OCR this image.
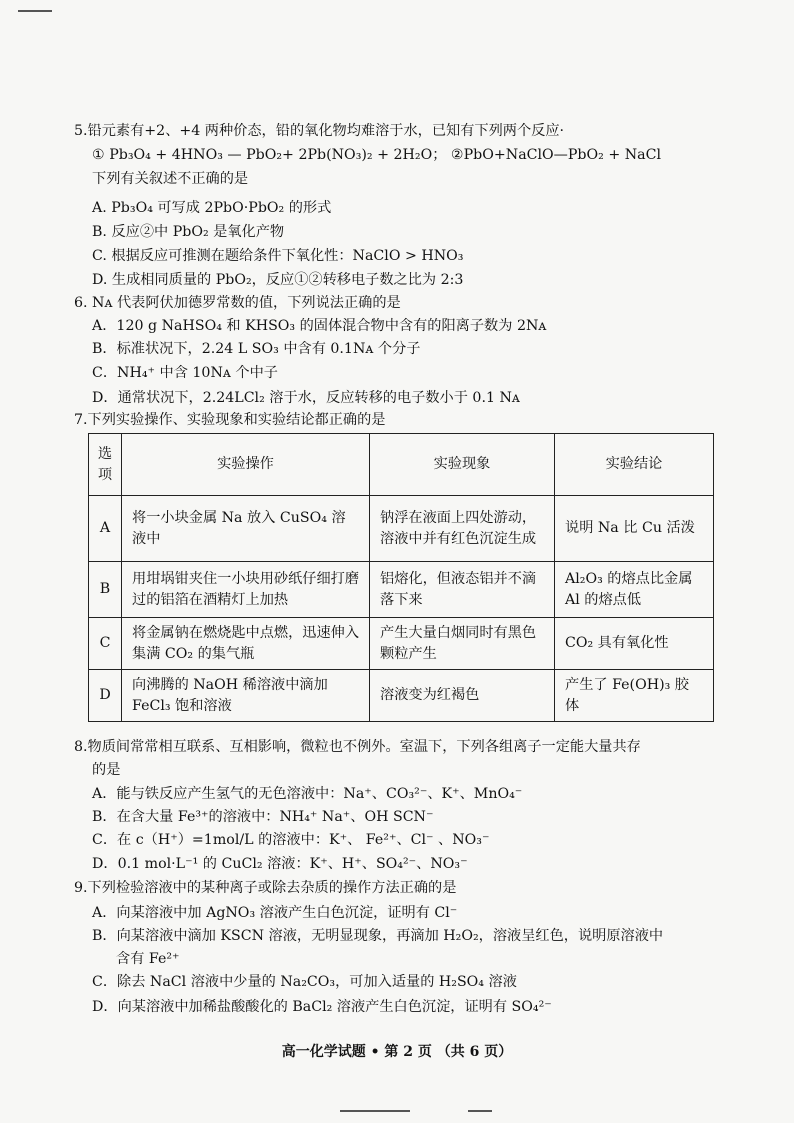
5.铅元素有+2、+4 两种价态，铅的氧化物均难溶于水，已知有下列两个反应·
① Pb₃O₄ + 4HNO₃ — PbO₂+ 2Pb(NO₃)₂ + 2H₂O； ②PbO+NaClO—PbO₂ + NaCl
下列有关叙述不正确的是
A. Pb₃O₄ 可写成 2PbO·PbO₂ 的形式
B. 反应②中 PbO₂ 是氧化产物
C. 根据反应可推测在题给条件下氧化性：NaClO > HNO₃
D. 生成相同质量的 PbO₂，反应①②转移电子数之比为 2:3
6. Nᴀ 代表阿伏加德罗常数的值，下列说法正确的是
A．120 g NaHSO₄ 和 KHSO₃ 的固体混合物中含有的阳离子数为 2Nᴀ
B．标准状况下，2.24 L SO₃ 中含有 0.1Nᴀ 个分子
C．NH₄⁺ 中含 10Nᴀ 个中子
D．通常状况下，2.24LCl₂ 溶于水，反应转移的电子数小于 0.1 Nᴀ
7.下列实验操作、实验现象和实验结论都正确的是
选项	实验操作	实验现象	实验结论
A	将一小块金属 Na 放入 CuSO₄ 溶液中	钠浮在液面上四处游动，溶液中并有红色沉淀生成	说明 Na 比 Cu 活泼
B	用坩埚钳夹住一小块用砂纸仔细打磨过的铝箔在酒精灯上加热	铝熔化，但液态铝并不滴落下来	Al₂O₃ 的熔点比金属 Al 的熔点低
C	将金属钠在燃烧匙中点燃，迅速伸入集满 CO₂ 的集气瓶	产生大量白烟同时有黑色颗粒产生	CO₂ 具有氧化性
D	向沸腾的 NaOH 稀溶液中滴加 FeCl₃ 饱和溶液	溶液变为红褐色	产生了 Fe(OH)₃ 胶体
8.物质间常常相互联系、互相影响，微粒也不例外。室温下，下列各组离子一定能大量共存
的是
A．能与铁反应产生氢气的无色溶液中：Na⁺、CO₃²⁻、K⁺、MnO₄⁻
B．在含大量 Fe³⁺的溶液中：NH₄⁺ Na⁺、OH SCN⁻
C．在 c（H⁺）=1mol/L 的溶液中：K⁺、 Fe²⁺、Cl⁻ 、NO₃⁻
D．0.1 mol·L⁻¹ 的 CuCl₂ 溶液：K⁺、H⁺、SO₄²⁻、NO₃⁻
9.下列检验溶液中的某种离子或除去杂质的操作方法正确的是
A．向某溶液中加 AgNO₃ 溶液产生白色沉淀，证明有 Cl⁻
B．向某溶液中滴加 KSCN 溶液，无明显现象，再滴加 H₂O₂，溶液呈红色，说明原溶液中
含有 Fe²⁺
C．除去 NaCl 溶液中少量的 Na₂CO₃，可加入适量的 H₂SO₄ 溶液
D．向某溶液中加稀盐酸酸化的 BaCl₂ 溶液产生白色沉淀，证明有 SO₄²⁻
高一化学试题 • 第 2 页 （共 6 页）
